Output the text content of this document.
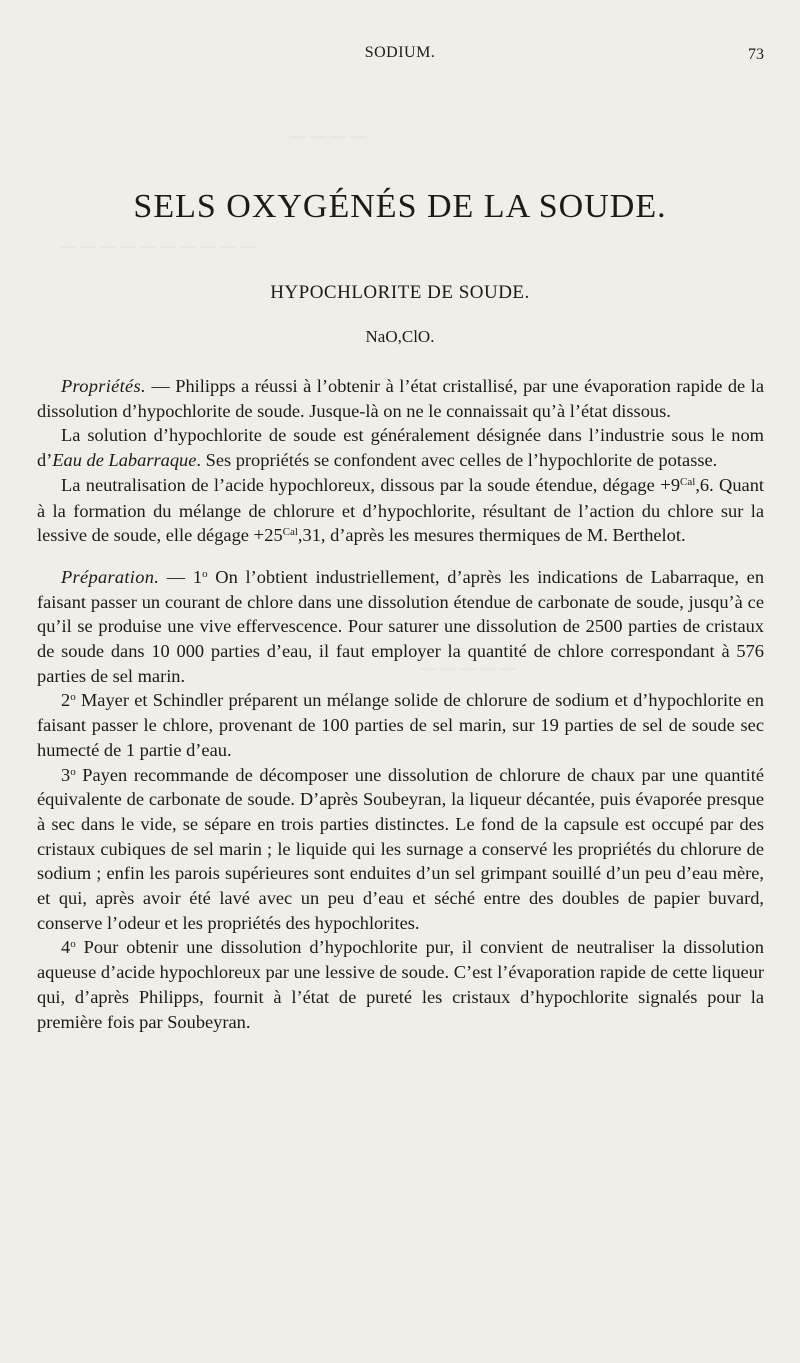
— — — —
— — — — — — — — — —
— — — — —
SODIUM.	73
SELS OXYGÉNÉS DE LA SOUDE.
HYPOCHLORITE DE SOUDE.
NaO,ClO.

Propriétés. — Philipps a réussi à l’obtenir à l’état cristallisé, par une évaporation rapide de la dissolution d’hypochlorite de soude. Jusque-là on ne le connaissait qu’à l’état dissous.

La solution d’hypochlorite de soude est généralement désignée dans l’industrie sous le nom d’Eau de Labarraque. Ses propriétés se confondent avec celles de l’hypochlorite de potasse.

La neutralisation de l’acide hypochloreux, dissous par la soude étendue, dégage $+9^{Cal},6$. Quant à la formation du mélange de chlorure et d’hypochlorite, résultant de l’action du chlore sur la lessive de soude, elle dégage $+25^{Cal},31$, d’après les mesures thermiques de M. Berthelot.

Préparation. — 1$^o$ On l’obtient industriellement, d’après les indications de Labarraque, en faisant passer un courant de chlore dans une dissolution étendue de carbonate de soude, jusqu’à ce qu’il se produise une vive effervescence. Pour saturer une dissolution de 2500 parties de cristaux de soude dans 10 000 parties d’eau, il faut employer la quantité de chlore correspondant à 576 parties de sel marin.

2$^o$ Mayer et Schindler préparent un mélange solide de chlorure de sodium et d’hypochlorite en faisant passer le chlore, provenant de 100 parties de sel marin, sur 19 parties de sel de soude sec humecté de 1 partie d’eau.

3$^o$ Payen recommande de décomposer une dissolution de chlorure de chaux par une quantité équivalente de carbonate de soude. D’après Soubeyran, la liqueur décantée, puis évaporée presque à sec dans le vide, se sépare en trois parties distinctes. Le fond de la capsule est occupé par des cristaux cubiques de sel marin ; le liquide qui les surnage a conservé les propriétés du chlorure de sodium ; enfin les parois supérieures sont enduites d’un sel grimpant souillé d’un peu d’eau mère, et qui, après avoir été lavé avec un peu d’eau et séché entre des doubles de papier buvard, conserve l’odeur et les propriétés des hypochlorites.

4$^o$ Pour obtenir une dissolution d’hypochlorite pur, il convient de neutraliser la dissolution aqueuse d’acide hypochloreux par une lessive de soude. C’est l’évaporation rapide de cette liqueur qui, d’après Philipps, fournit à l’état de pureté les cristaux d’hypochlorite signalés pour la première fois par Soubeyran.
